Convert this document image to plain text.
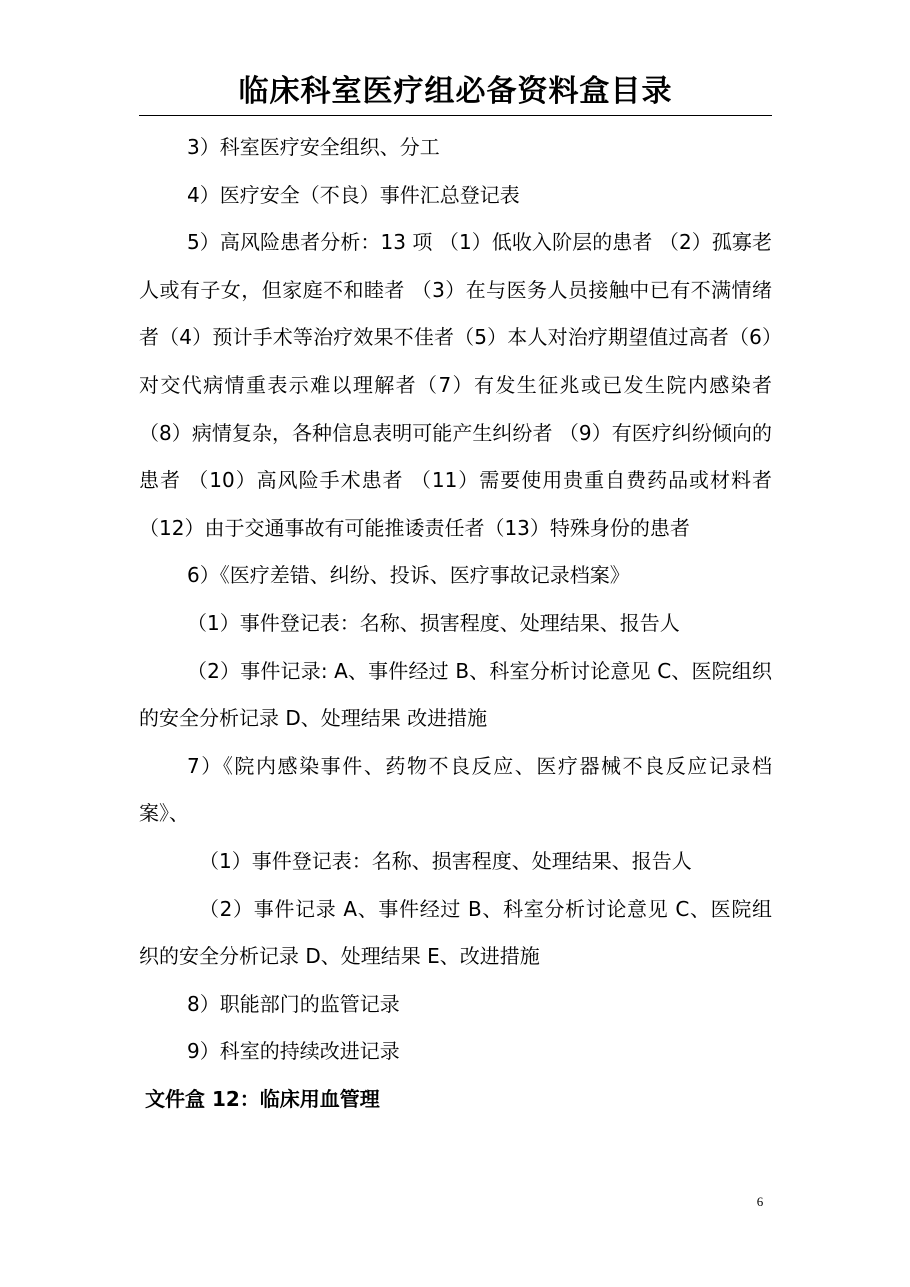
临床科室医疗组必备资料盒目录

3）科室医疗安全组织、分工

4）医疗安全（不良）事件汇总登记表

5）高风险患者分析：13 项 （1）低收入阶层的患者 （2）孤寡老人或有子女，但家庭不和睦者 （3）在与医务人员接触中已有不满情绪者（4）预计手术等治疗效果不佳者（5）本人对治疗期望值过高者（6）对交代病情重表示难以理解者（7）有发生征兆或已发生院内感染者 （8）病情复杂，各种信息表明可能产生纠纷者 （9）有医疗纠纷倾向的患者 （10）高风险手术患者 （11）需要使用贵重自费药品或材料者（12）由于交通事故有可能推诿责任者（13）特殊身份的患者

6）《医疗差错、纠纷、投诉、医疗事故记录档案》

（1）事件登记表：名称、损害程度、处理结果、报告人

（2）事件记录: A、事件经过 B、科室分析讨论意见 C、医院组织的安全分析记录 D、处理结果 改进措施

7）《院内感染事件、药物不良反应、医疗器械不良反应记录档案》、

（1）事件登记表：名称、损害程度、处理结果、报告人

（2）事件记录 A、事件经过 B、科室分析讨论意见 C、医院组织的安全分析记录 D、处理结果 E、改进措施

8）职能部门的监管记录

9）科室的持续改进记录

文件盒 12：临床用血管理

6
